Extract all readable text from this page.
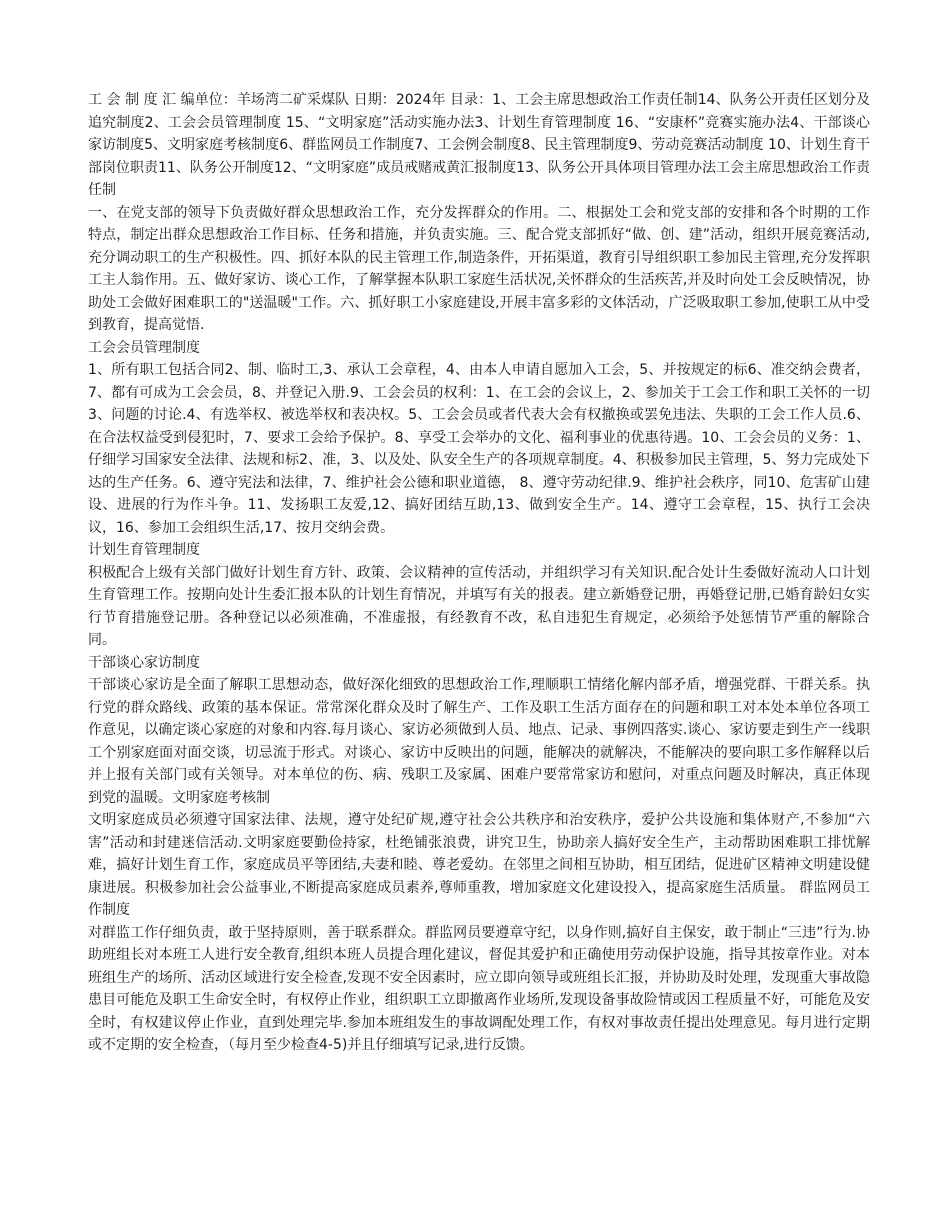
工 会 制 度 汇 编单位：羊场湾二矿采煤队 日期：2024年 目录：1、工会主席思想政治工作责任制14、队务公开责任区划分及追究制度2、工会会员管理制度 15、“文明家庭”活动实施办法3、计划生育管理制度 16、“安康杯”竞赛实施办法4、干部谈心家访制度5、文明家庭考核制度6、群监网员工作制度7、工会例会制度8、民主管理制度9、劳动竞赛活动制度 10、计划生育干部岗位职责11、队务公开制度12、“文明家庭”成员戒赌戒黄汇报制度13、队务公开具体项目管理办法工会主席思想政治工作责任制

一、在党支部的领导下负责做好群众思想政治工作，充分发挥群众的作用。二、根据处工会和党支部的安排和各个时期的工作特点，制定出群众思想政治工作目标、任务和措施，并负责实施。三、配合党支部抓好“做、创、建”活动，组织开展竞赛活动,充分调动职工的生产积极性。四、抓好本队的民主管理工作,制造条件，开拓渠道，教育引导组织职工参加民主管理,充分发挥职工主人翁作用。五、做好家访、谈心工作，了解掌握本队职工家庭生活状况,关怀群众的生活疾苦,并及时向处工会反映情况，协助处工会做好困难职工的"送温暖"工作。六、抓好职工小家庭建设,开展丰富多彩的文体活动，广泛吸取职工参加,使职工从中受到教育，提高觉悟.

工会会员管理制度

1、所有职工包括合同2、制、临时工,3、承认工会章程，4、由本人申请自愿加入工会，5、并按规定的标6、准交纳会费者，7、都有可成为工会会员，8、并登记入册.9、工会会员的权利：1、在工会的会议上，2、参加关于工会工作和职工关怀的一切3、问题的讨论.4、有选举权、被选举权和表决权。5、工会会员或者代表大会有权撤换或罢免违法、失职的工会工作人员.6、在合法权益受到侵犯时，7、要求工会给予保护。8、享受工会举办的文化、福利事业的优惠待遇。10、工会会员的义务：1、仔细学习国家安全法律、法规和标2、准，3、以及处、队安全生产的各项规章制度。4、积极参加民主管理，5、努力完成处下达的生产任务。6、遵守宪法和法律，7、维护社会公德和职业道德， 8、遵守劳动纪律.9、维护社会秩序，同10、危害矿山建设、进展的行为作斗争。11、发扬职工友爱,12、搞好团结互助,13、做到安全生产。14、遵守工会章程，15、执行工会决议，16、参加工会组织生活,17、按月交纳会费。

计划生育管理制度

积极配合上级有关部门做好计划生育方针、政策、会议精神的宣传活动，并组织学习有关知识.配合处计生委做好流动人口计划生育管理工作。按期向处计生委汇报本队的计划生育情况，并填写有关的报表。建立新婚登记册，再婚登记册,已婚育龄妇女实行节育措施登记册。各种登记以必须准确，不准虚报，有经教育不改，私自违犯生育规定，必须给予处惩情节严重的解除合同。

干部谈心家访制度

干部谈心家访是全面了解职工思想动态，做好深化细致的思想政治工作,理顺职工情绪化解内部矛盾，增强党群、干群关系。执行党的群众路线、政策的基本保证。常常深化群众及时了解生产、工作及职工生活方面存在的问题和职工对本处本单位各项工作意见，以确定谈心家庭的对象和内容.每月谈心、家访必须做到人员、地点、记录、事例四落实.谈心、家访要走到生产一线职工个别家庭面对面交谈，切忌流于形式。对谈心、家访中反映出的问题，能解决的就解决，不能解决的要向职工多作解释以后并上报有关部门或有关领导。对本单位的伤、病、残职工及家属、困难户要常常家访和慰问，对重点问题及时解决，真正体现到党的温暖。文明家庭考核制

文明家庭成员必须遵守国家法律、法规，遵守处纪矿规,遵守社会公共秩序和治安秩序，爱护公共设施和集体财产,不参加“六害”活动和封建迷信活动.文明家庭要勤俭持家，杜绝铺张浪费，讲究卫生，协助亲人搞好安全生产，主动帮助困难职工排忧解难，搞好计划生育工作，家庭成员平等团结,夫妻和睦、尊老爱幼。在邻里之间相互协助，相互团结，促进矿区精神文明建设健康进展。积极参加社会公益事业,不断提高家庭成员素养,尊师重教，增加家庭文化建设投入，提高家庭生活质量。 群监网员工作制度

对群监工作仔细负责，敢于坚持原则，善于联系群众。群监网员要遵章守纪，以身作则,搞好自主保安，敢于制止“三违”行为.协助班组长对本班工人进行安全教育,组织本班人员提合理化建议，督促其爱护和正确使用劳动保护设施，指导其按章作业。对本班组生产的场所、活动区域进行安全检查,发现不安全因素时，应立即向领导或班组长汇报，并协助及时处理，发现重大事故隐患目可能危及职工生命安全时，有权停止作业，组织职工立即撤离作业场所,发现设备事故险情或因工程质量不好，可能危及安全时，有权建议停止作业，直到处理完毕.参加本班组发生的事故调配处理工作，有权对事故责任提出处理意见。每月进行定期或不定期的安全检查，（每月至少检查4-5)并且仔细填写记录,进行反馈。
